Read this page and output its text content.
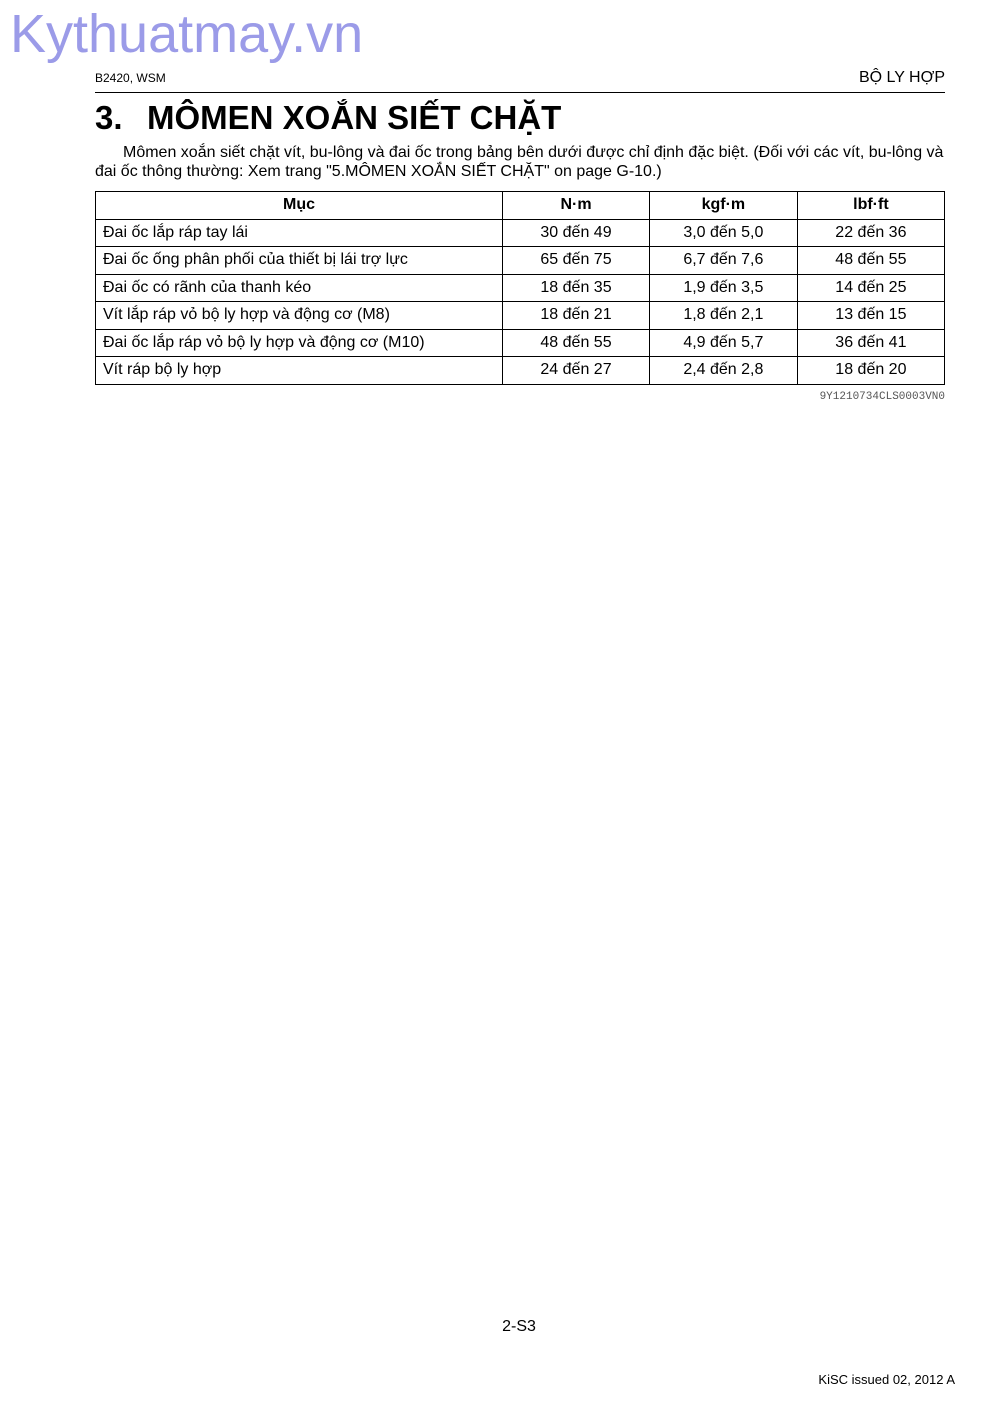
Kythuatmay.vn
B2420, WSM	BỘ LY HỢP
3. MÔMEN XOẮN SIẾT CHẶT
Mômen xoắn siết chặt vít, bu-lông và đai ốc trong bảng bên dưới được chỉ định đặc biệt. (Đối với các vít, bu-lông và đai ốc thông thường: Xem trang "5.MÔMEN XOẮN SIẾT CHẶT" on page G-10.)
Mục	N·m	kgf·m	lbf·ft
Đai ốc lắp ráp tay lái	30 đến 49	3,0 đến 5,0	22 đến 36
Đai ốc ống phân phối của thiết bị lái trợ lực	65 đến 75	6,7 đến 7,6	48 đến 55
Đai ốc có rãnh của thanh kéo	18 đến 35	1,9 đến 3,5	14 đến 25
Vít lắp ráp vỏ bộ ly hợp và động cơ (M8)	18 đến 21	1,8 đến 2,1	13 đến 15
Đai ốc lắp ráp vỏ bộ ly hợp và động cơ (M10)	48 đến 55	4,9 đến 5,7	36 đến 41
Vít ráp bộ ly hợp	24 đến 27	2,4 đến 2,8	18 đến 20
9Y1210734CLS0003VN0
2-S3
KiSC issued 02, 2012 A
